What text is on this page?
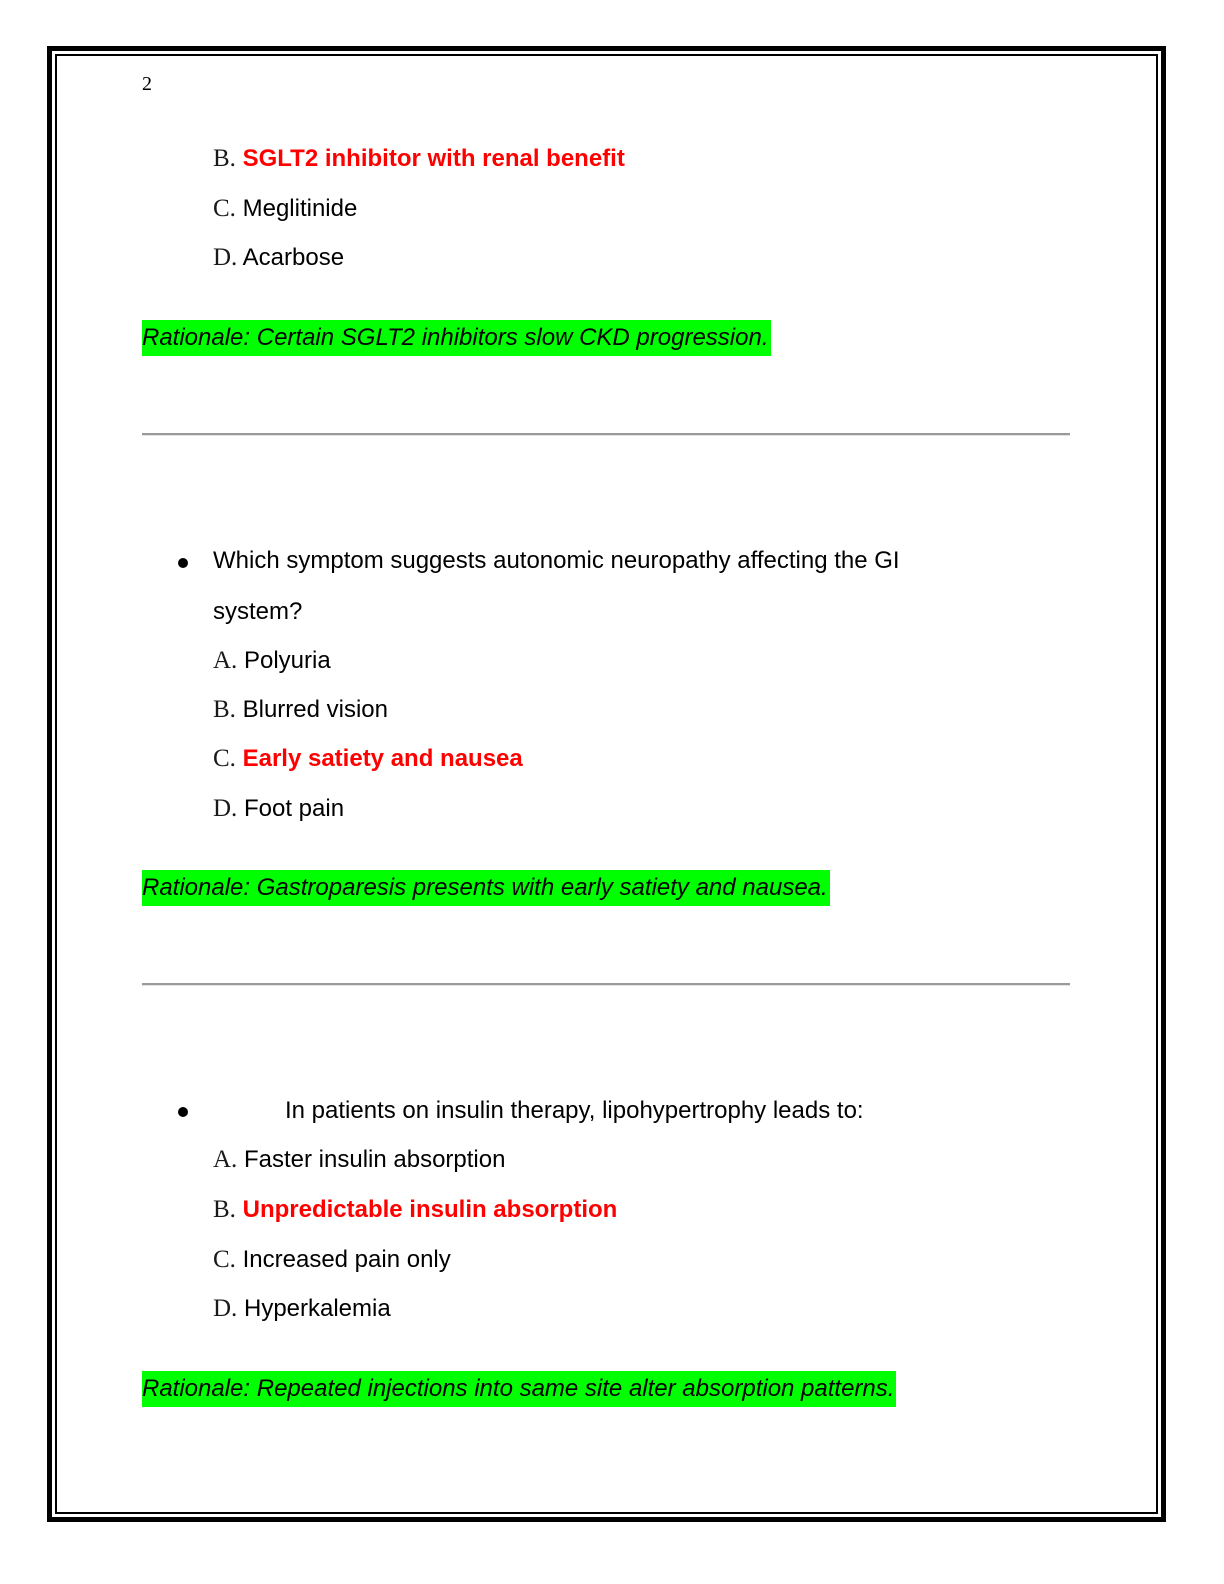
2
B. SGLT2 inhibitor with renal benefit
C. Meglitinide
D. Acarbose
Rationale: Certain SGLT2 inhibitors slow CKD progression.
Which symptom suggests autonomic neuropathy affecting the GI
system?
A. Polyuria
B. Blurred vision
C. Early satiety and nausea
D. Foot pain
Rationale: Gastroparesis presents with early satiety and nausea.
In patients on insulin therapy, lipohypertrophy leads to:
A. Faster insulin absorption
B. Unpredictable insulin absorption
C. Increased pain only
D. Hyperkalemia
Rationale: Repeated injections into same site alter absorption patterns.
